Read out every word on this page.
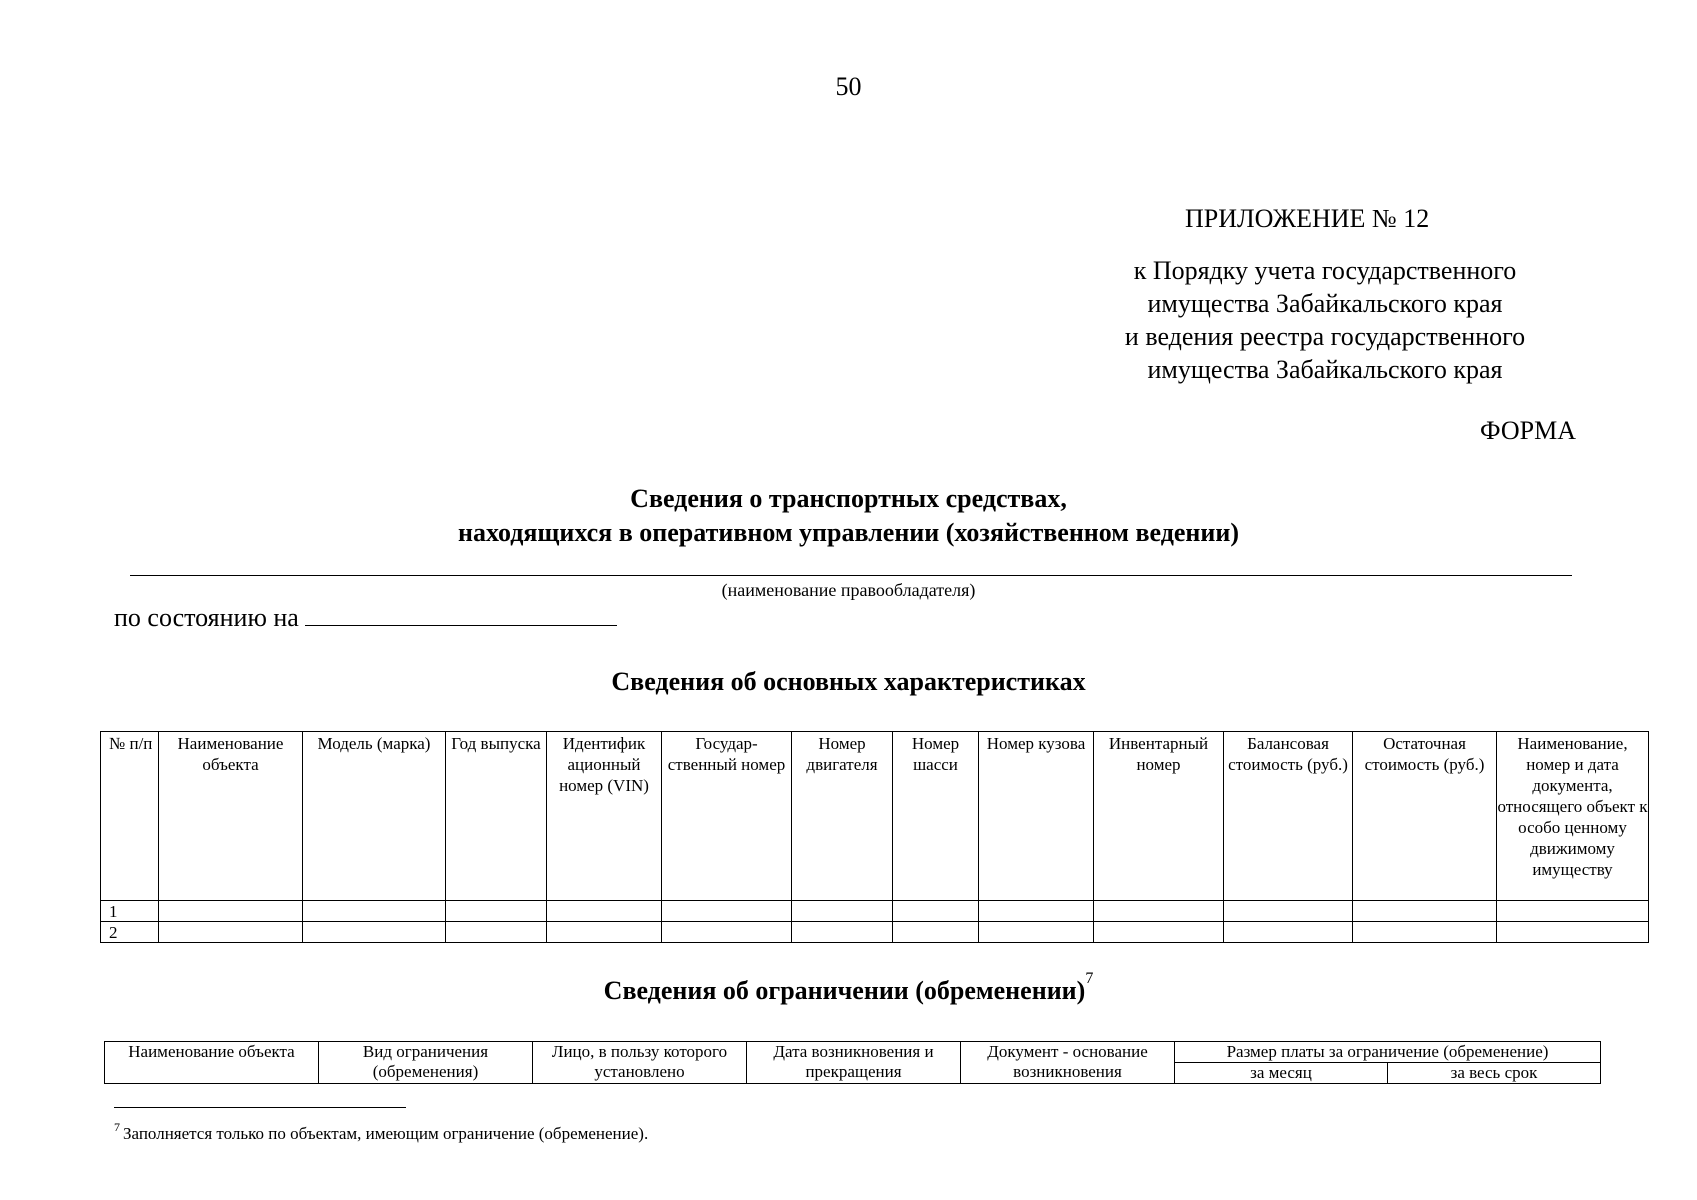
50
ПРИЛОЖЕНИЕ № 12
к Порядку учета государственного
имущества Забайкальского края
и ведения реестра государственного
имущества Забайкальского края
ФОРМА
Сведения о транспортных средствах,
находящихся в оперативном управлении (хозяйственном ведении)
(наименование правообладателя)
по состоянию на
Сведения об основных характеристиках
№ п/п	Наименование объекта	Модель (марка)	Год выпуска	Идентифик ационный номер (VIN)	Государ-ственный номер	Номер двигателя	Номер шасси	Номер кузова	Инвентарный номер	Балансовая стоимость (руб.)	Остаточная стоимость (руб.)	Наименование, номер и дата документа, относящего объект к особо ценному движимому имуществу
1												
2												
Сведения об ограничении (обременении)$^7$
Наименование объекта	Вид ограничения (обременения)	Лицо, в пользу которого установлено	Дата возникновения и прекращения	Документ - основание возникновения	Размер платы за ограничение (обременение)	
					за месяц	за весь срок
$^7$ Заполняется только по объектам, имеющим ограничение (обременение).
